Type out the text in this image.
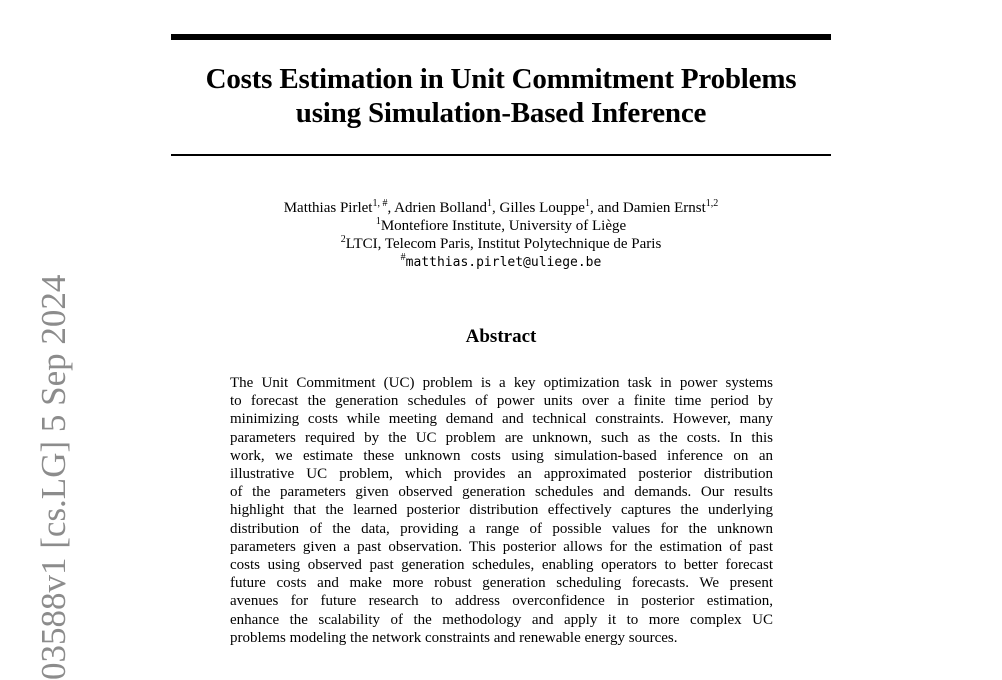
Costs Estimation in Unit Commitment Problems
using Simulation-Based Inference
Matthias Pirlet$^{1, \#}$, Adrien Bolland$^1$, Gilles Louppe$^1$, and Damien Ernst$^{1,2}$
$^1$Montefiore Institute, University of Liège
$^2$LTCI, Telecom Paris, Institut Polytechnique de Paris
#matthias.pirlet@uliege.be
Abstract
The Unit Commitment (UC) problem is a key optimization task in power systems
to forecast the generation schedules of power units over a finite time period by
minimizing costs while meeting demand and technical constraints. However, many
parameters required by the UC problem are unknown, such as the costs. In this
work, we estimate these unknown costs using simulation-based inference on an
illustrative UC problem, which provides an approximated posterior distribution
of the parameters given observed generation schedules and demands. Our results
highlight that the learned posterior distribution effectively captures the underlying
distribution of the data, providing a range of possible values for the unknown
parameters given a past observation. This posterior allows for the estimation of past
costs using observed past generation schedules, enabling operators to better forecast
future costs and make more robust generation scheduling forecasts. We present
avenues for future research to address overconfidence in posterior estimation,
enhance the scalability of the methodology and apply it to more complex UC
problems modeling the network constraints and renewable energy sources.
03588v1 [cs.LG] 5 Sep 2024
